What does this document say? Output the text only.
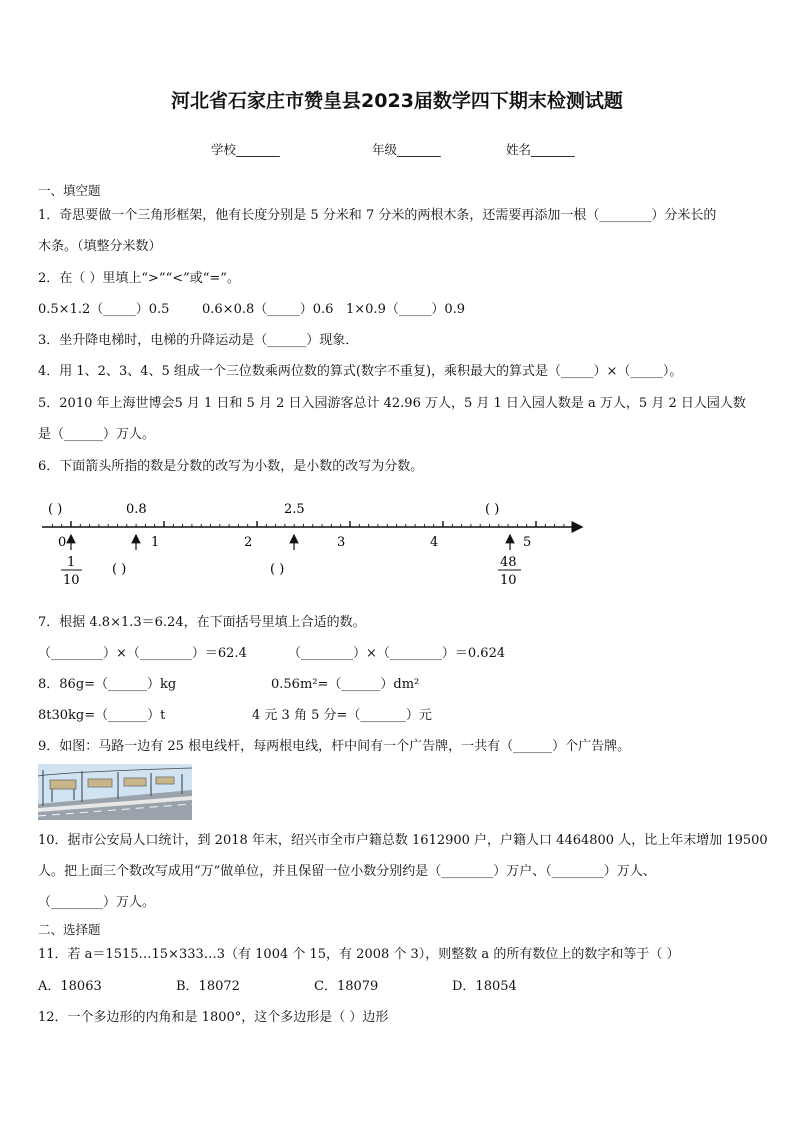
河北省石家庄市赞皇县2023届数学四下期末检测试题
学校_______	年级_______	姓名_______
一、填空题
1．奇思要做一个三角形框架，他有长度分别是 5 分米和 7 分米的两根木条，还需要再添加一根（________）分米长的
木条。（填整分米数）
2．在（ ）里填上“>”“<”或“=”。
0.5×1.2（_____）0.5	0.6×0.8（_____）0.6 1×0.9（_____）0.9
3．坐升降电梯时，电梯的升降运动是（______）现象．
4．用 1、2、3、4、5 组成一个三位数乘两位数的算式(数字不重复)，乘积最大的算式是（_____）×（_____）。
5．2010 年上海世博会5 月 1 日和 5 月 2 日入园游客总计 42.96 万人，5 月 1 日入园人数是 a 万人，5 月 2 日人园人数
是（______）万人。
6．下面箭头所指的数是分数的改写为小数，是小数的改写为分数。
( )	0.8	2.5	( )
0	1	2	3	4	5
1
10
( )	( )	48
10
7．根据 4.8×1.3＝6.24，在下面括号里填上合适的数。
（________）×（________）＝62.4	（________）×（________）＝0.624
8．86g=（______）kg	0.56m²=（______）dm²
8t30kg=（______）t	4 元 3 角 5 分=（_______）元
9．如图：马路一边有 25 根电线杆，每两根电线，杆中间有一个广告牌，一共有（______）个广告牌。
10．据市公安局人口统计，到 2018 年末，绍兴市全市户籍总数 1612900 户，户籍人口 4464800 人，比上年末增加 19500
人。把上面三个数改写成用“万”做单位，并且保留一位小数分别约是（________）万户、（________）万人、
（________）万人。
二、选择题
11．若 a＝1515…15×333…3（有 1004 个 15，有 2008 个 3），则整数 a 的所有数位上的数字和等于（ ）
A．18063	B．18072	C．18079	D．18054
12．一个多边形的内角和是 1800°，这个多边形是（ ）边形
